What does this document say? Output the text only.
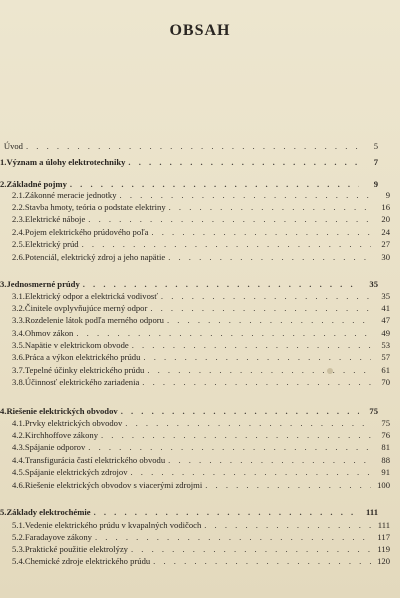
OBSAH
Úvod . . .	5
1. Význam a úlohy elektrotechniky . . .	7
2. Základné pojmy . . .	9
2.1. Zákonné meracie jednotky . . .	9
2.2. Stavba hmoty, teória o podstate elektriny . . .	16
2.3. Elektrické náboje . . .	20
2.4. Pojem elektrického prúdového poľa . . .	24
2.5. Elektrický prúd . . .	27
2.6. Potenciál, elektrický zdroj a jeho napätie . . .	30
3. Jednosmerné prúdy . . .	35
3.1. Elektrický odpor a elektrická vodivosť . . .	35
3.2. Činitele ovplyvňujúce merný odpor . . .	41
3.3. Rozdelenie látok podľa merného odporu . . .	47
3.4. Ohmov zákon . . .	49
3.5. Napätie v elektrickom obvode . . .	53
3.6. Práca a výkon elektrického prúdu . . .	57
3.7. Tepelné účinky elektrického prúdu . . .	61
3.8. Účinnosť elektrického zariadenia . . .	70
4. Riešenie elektrických obvodov . . .	75
4.1. Prvky elektrických obvodov . . .	75
4.2. Kirchhoffove zákony . . .	76
4.3. Spájanie odporov . . .	81
4.4. Transfigurácia častí elektrického obvodu . . .	88
4.5. Spájanie elektrických zdrojov . . .	91
4.6. Riešenie elektrických obvodov s viacerými zdrojmi . . .	100
5. Základy elektrochémie . . .	111
5.1. Vedenie elektrického prúdu v kvapalných vodičoch . . .	111
5.2. Faradayove zákony . . .	117
5.3. Praktické použitie elektrolýzy . . .	119
5.4. Chemické zdroje elektrického prúdu . . .	120
